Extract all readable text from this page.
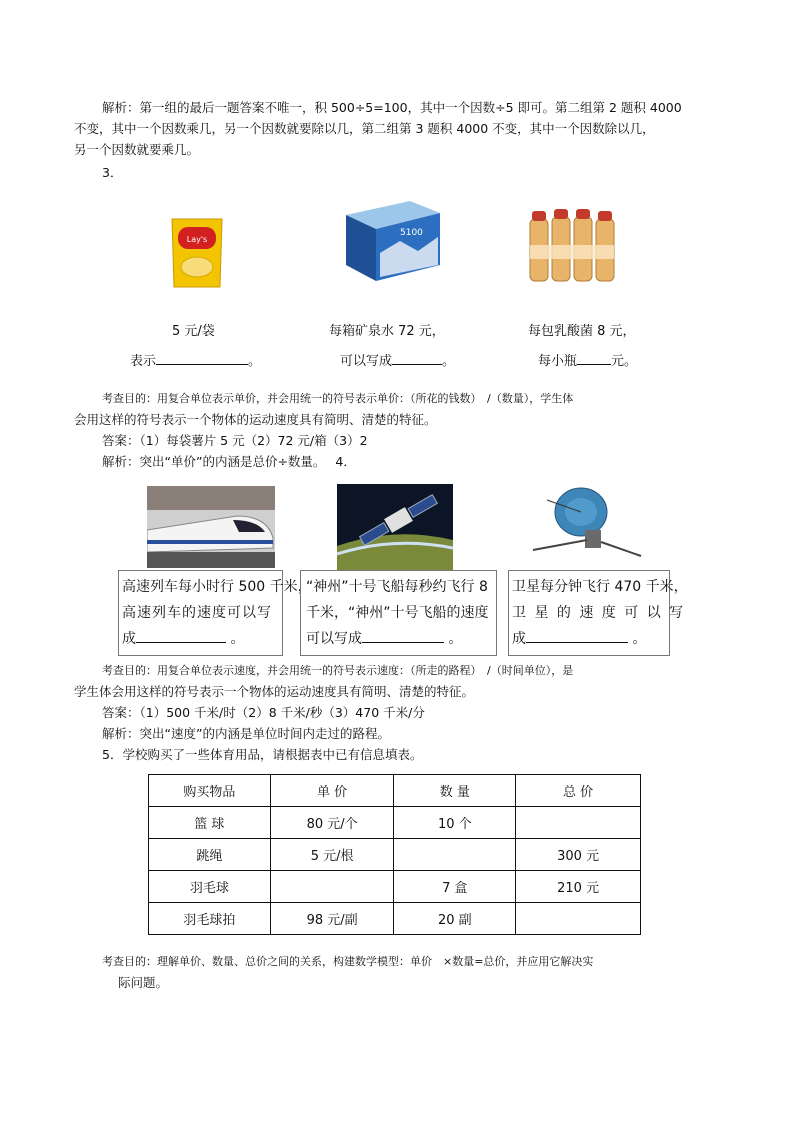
解析：第一组的最后一题答案不唯一，积 500÷5=100，其中一个因数÷5 即可。第二组第 2 题积 4000
不变，其中一个因数乘几，另一个因数就要除以几，第二组第 3 题积 4000 不变，其中一个因数除以几，
另一个因数就要乘几。
3．
Lay's
5100
5 元/袋	每箱矿泉水 72 元，	每包乳酸菌 8 元，
表示	。	可以写成	。	每小瓶	元。
考查目的：用复合单位表示单价，并会用统一的符号表示单价：（所花的钱数）　/（数量），学生体
会用这样的符号表示一个物体的运动速度具有简明、清楚的特征。
答案：（1）每袋薯片 5 元（2）72 元/箱（3）2
解析：突出“单价”的内涵是总价÷数量。 4．
高速列车每小时行 500 千米，
高速列车的速度可以写
成	。
“神州”十号飞船每秒约飞行 8
千米，“神州”十号飞船的速度
可以写成	。
卫星每分钟飞行 470 千米，
卫 星 的 速 度 可 以 写
成	。
考查目的：用复合单位表示速度，并会用统一的符号表示速度：（所走的路程）　/（时间单位），是
学生体会用这样的符号表示一个物体的运动速度具有简明、清楚的特征。
答案：（1）500 千米/时（2）8 千米/秒（3）470 千米/分
解析：突出“速度”的内涵是单位时间内走过的路程。
5．学校购买了一些体育用品，请根据表中已有信息填表。
购买物品	单 价	数 量	总 价
篮 球	80 元/个	10 个	
跳绳	5 元/根		300 元
羽毛球		7 盒	210 元
羽毛球拍	98 元/副	20 副	
考查目的：理解单价、数量、总价之间的关系，构建数学模型：单价　×数量=总价，并应用它解决实
际问题。
